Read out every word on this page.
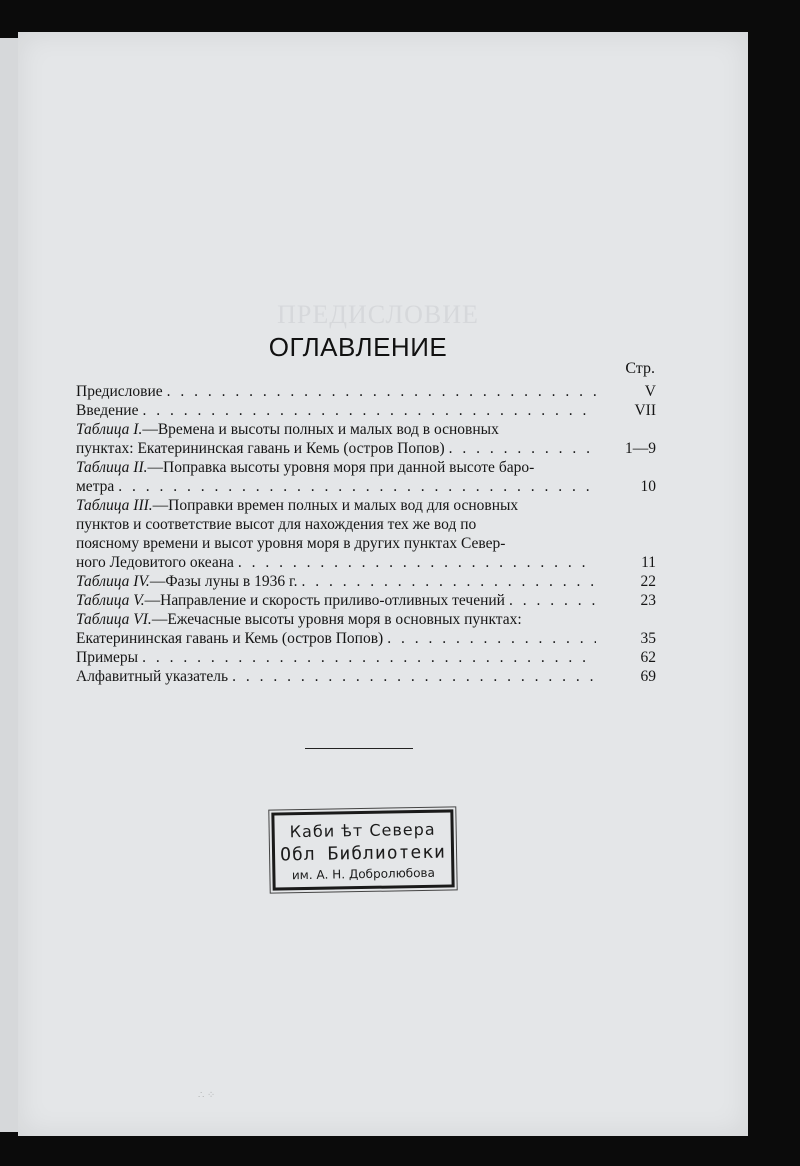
ПРЕДИСЛОВИЕ
ОГЛАВЛЕНИЕ
Стр.
Предисловие . . .	V
Введение . . .	VII
Таблица I. —Времена и высоты полных и малых вод в основных
пунктах: Екатерининская гавань и Кемь (остров Попов) . . .	1—9
Таблица II. —Поправка высоты уровня моря при данной высоте баро-
метра . . .	10
Таблица III. —Поправки времен полных и малых вод для основных
пунктов и соответствие высот для нахождения тех же вод по
поясному времени и высот уровня моря в других пунктах Север-
ного Ледовитого океана . . .	11
Таблица IV. —Фазы луны в 1936 г. . . .	22
Таблица V. —Направление и скорость приливо-отливных течений . . .	23
Таблица VI. —Ежечасные высоты уровня моря в основных пунктах:
Екатерининская гавань и Кемь (остров Попов) . . .	35
Примеры . . .	62
Алфавитный указатель . . .	69
Каби ѣт Севера
Обл Библиотеки
им. А. Н. Добролюбова
∴ ⁘
